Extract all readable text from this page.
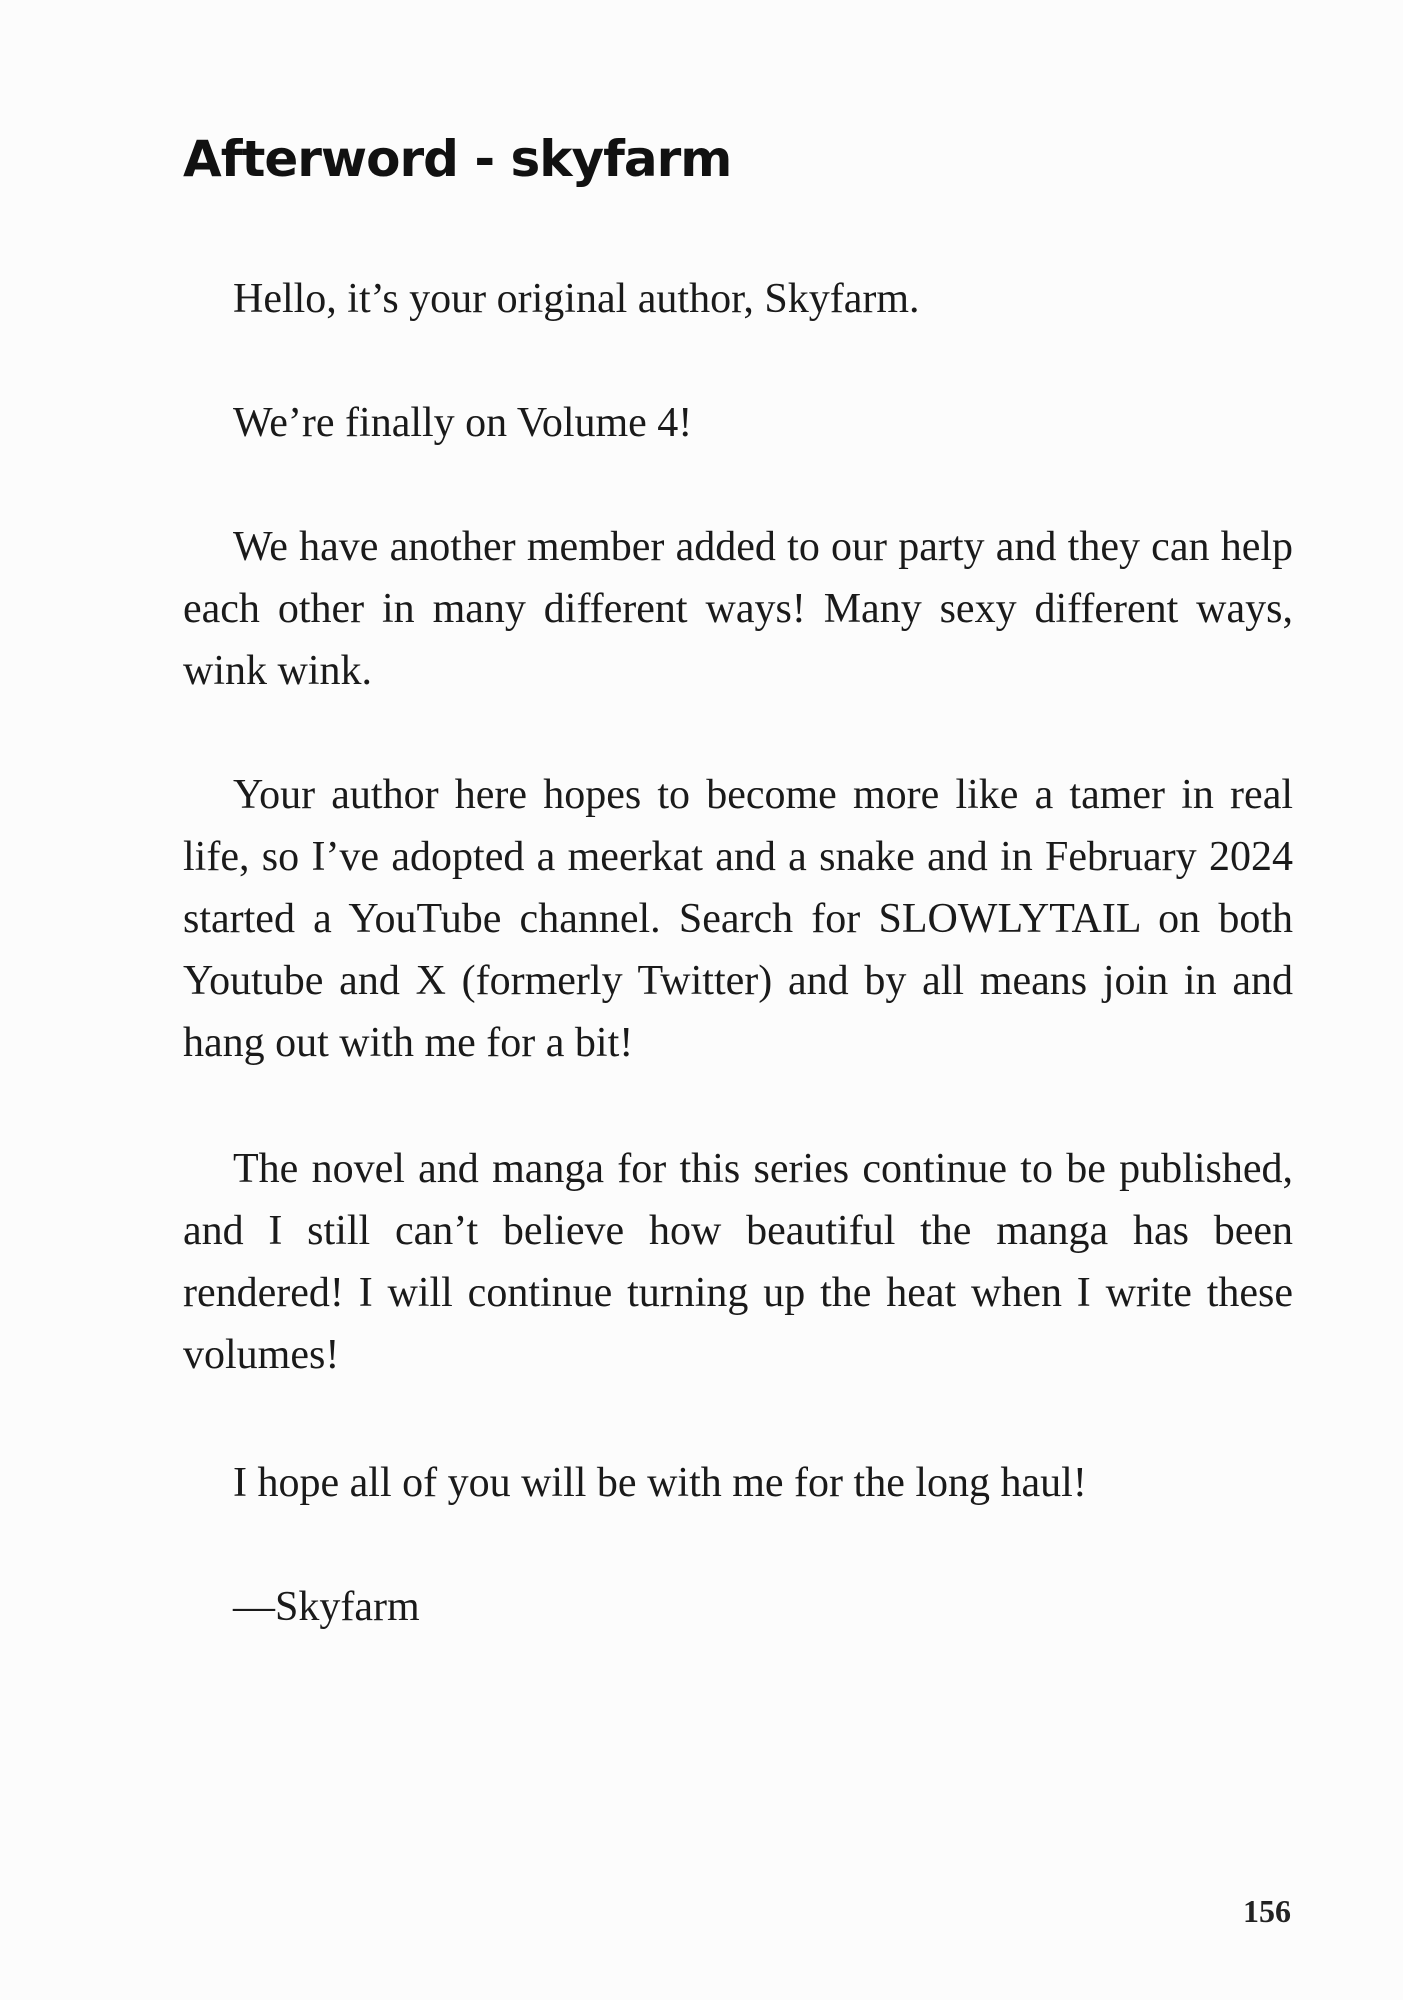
Afterword - skyfarm

Hello, it’s your original author, Skyfarm.

We’re finally on Volume 4!

We have another member added to our party and they can help each other in many different ways! Many sexy different ways, wink wink.

Your author here hopes to become more like a tamer in real life, so I’ve adopted a meerkat and a snake and in February 2024 started a YouTube channel. Search for SLOWLYTAIL on both Youtube and X (formerly Twitter) and by all means join in and hang out with me for a bit!

The novel and manga for this series continue to be published, and I still can’t believe how beautiful the manga has been rendered! I will continue turning up the heat when I write these volumes!

I hope all of you will be with me for the long haul!

—Skyfarm

156
